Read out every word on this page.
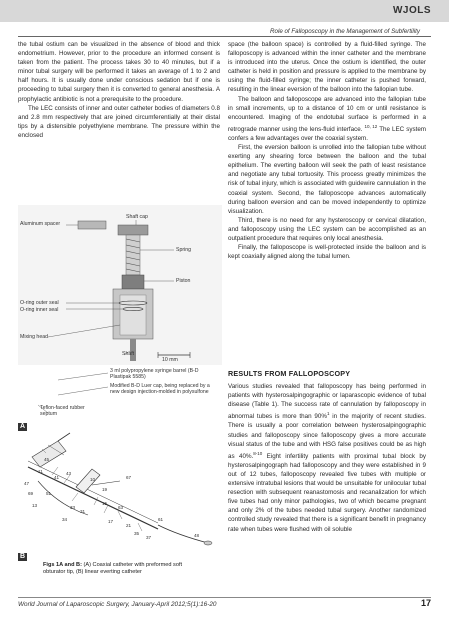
WJOLS
Role of Falloposcopy in the Management of Subfertility

the tubal ostium can be visualized in the absence of blood and thick endometrium. However, prior to the procedure an informed consent is taken from the patient. The process takes 30 to 40 minutes, but if a minor tubal surgery will be performed it takes an average of 1 to 2 and half hours. It is usually done under conscious sedation but if one is proceeding to tubal surgery then it is converted to general anesthesia. A prophylactic antibiotic is not a prerequisite to the procedure.

The LEC consists of inner and outer catheter bodies of diameters 0.8 and 2.8 mm respectively that are joined circumferentially at their distal tips by a distensible polyethylene membrane. The pressure within the enclosed

space (the balloon space) is controlled by a fluid-filled syringe. The falloposcopy is advanced within the inner catheter and the membrane is introduced into the uterus. Once the ostium is identified, the outer catheter is held in position and pressure is applied to the membrane by using the fluid-filled syringe; the inner catheter is pushed forward, resulting in the linear eversion of the balloon into the fallopian tube.

The balloon and falloposcope are advanced into the fallopian tube in small increments, up to a distance of 10 cm or until resistance is encountered. Imaging of the endotubal surface is performed in a retrograde manner using the lens-fluid interface. $^{10, 12}$ The LEC system confers a few advantages over the coaxial system.

First, the eversion balloon is unrolled into the fallopian tube without exerting any shearing force between the balloon and the tubal epithelium. The everting balloon will seek the path of least resistance and negotiate any tubal tortuosity. This process greatly minimizes the risk of tubal injury, which is associated with guidewire cannulation in the coaxial system. Second, the falloposcope advances automatically during balloon eversion and can be moved independently to optimize visualization.

Third, there is no need for any hysteroscopy or cervical dilatation, and falloposcopy using the LEC system can be accomplished as an outpatient procedure that requires only local anesthesia.

Finally, the falloposcope is well-protected inside the balloon and is kept coaxially aligned along the tubal lumen.

RESULTS FROM FALLOPOSCOPY

Various studies revealed that falloposcopy has being performed in patients with hysterosalpingographic or laparascopic evidence of tubal disease (Table 1). The success rate of cannulation by falloposcopy in abnormal tubes is more than 90%$^1$ in the majority of recent studies. There is usually a poor correlation between hysterosalpingographic studies and falloposcopy since falloposcopy gives a more accurate visual status of the tube and with HSG false positives could be as high as 40%.$^{8-10}$ Eight infertility patients with proximal tubal block by hysterosalpingograph had falloposcopy and they were established in 9 out of 12 tubes, falloposcopy revealed five tubes with multiple or extensive intratubal lesions that would be unsuitable for unilocular tubal resection with subsequent reanastomosis and recanalization for which five tubes had only minor pathologies, two of which became pregnant and only 2% of the tubes needed tubal surgery. Another randomized controlled study revealed that there is a significant benefit in pregnancy rate when tubes were flushed with oil soluble

Aluminum spacer
Shaft cap
Spring
Piston
O-ring outer seal
O-ring inner seal
Mixing head
Shaft
10 mm
3 ml polypropylene syringe barrel (B-D Plastipak 5585)
Modified B-D Luer cap, being replaced by a new design injection-molded in polysulfone
Teflon-faced rubber septum
A
B
45
11
41
43
47
69	51
13	33
31
34
15
17
63
21
35
37
61
19
10	67
48
Figs 1A and B: (A) Coaxial catheter with preformed soft obturator tip, (B) linear everting catheter
World Journal of Laparoscopic Surgery, January-April 2012;5(1):16-20	17
